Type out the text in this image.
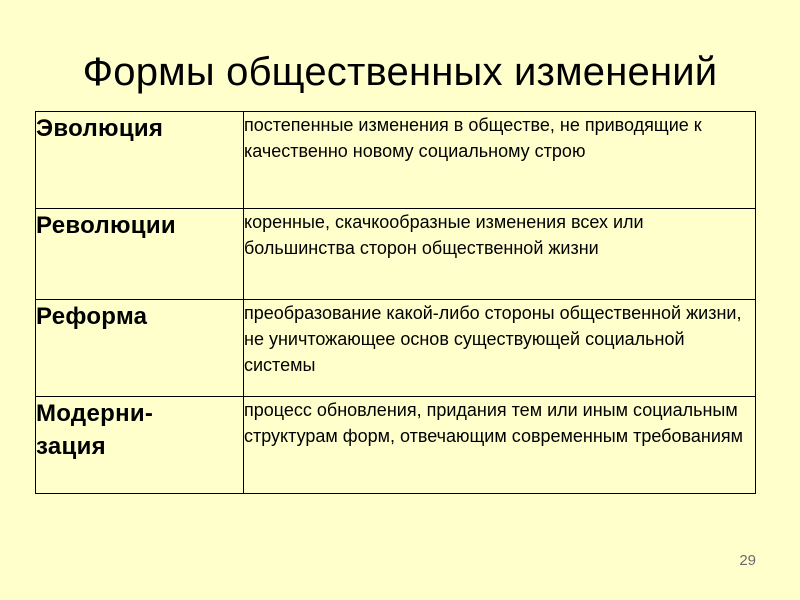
Формы общественных изменений
Эволюция	постепенные изменения в обществе, не приводящие к качественно новому социальному строю
Революции	коренные, скачкообразные изменения всех или большинства сторон общественной жизни
Реформа	преобразование какой-либо стороны общественной жизни, не уничтожающее основ существующей социальной системы
Модерни-
зация	процесс обновления, придания тем или иным социальным структурам форм, отвечающим современным требованиям
29
